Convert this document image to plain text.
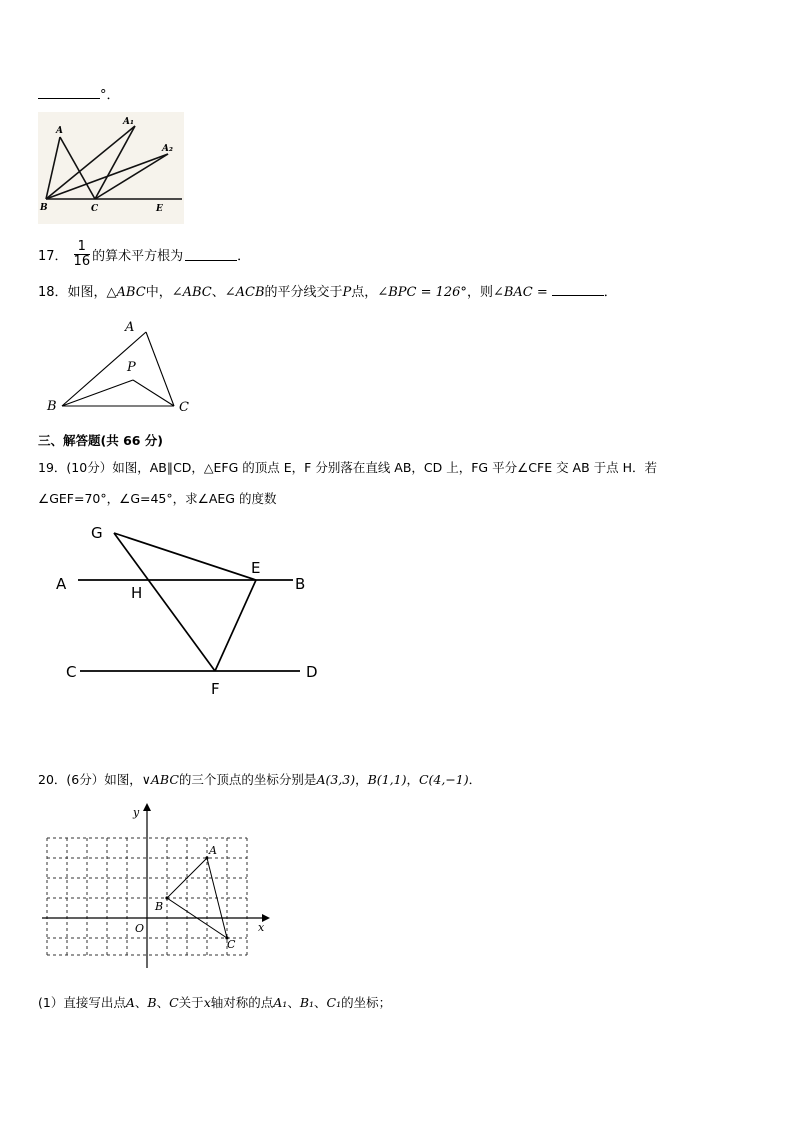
°．
A
A₁
A₂
B	C	E
17． $\frac{1}{16}$ 的算术平方根为	．
18．如图，△ABC中，∠ABC、∠ACB的平分线交于P点，∠BPC = 126°，则∠BAC =	．
A
P
B	C
三、解答题(共 66 分)
19．(10分）如图，AB∥CD，△EFG 的顶点 E，F 分别落在直线 AB，CD 上，FG 平分∠CFE 交 AB 于点 H．若
∠GEF=70°，∠G=45°，求∠AEG 的度数
G
E
A	H	B
C
F
D
20．(6分）如图，∨ABC的三个顶点的坐标分别是A(3,3)，B(1,1)，C(4,−1)．
y
x
O
A
B
C
(1）直接写出点A、B、C关于x轴对称的点A₁、B₁、C₁的坐标；
